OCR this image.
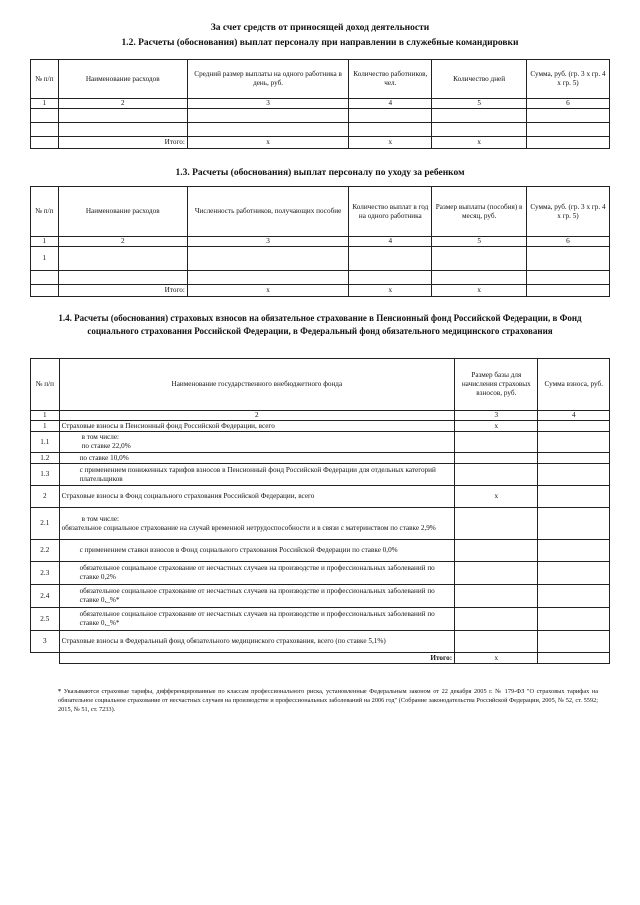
За счет средств от приносящей доход деятельности
1.2. Расчеты (обоснования) выплат персоналу при направлении в служебные командировки
№ п/п	Наименование расходов	Средний размер выплаты на одного работника в день, руб.	Количество работников, чел.	Количество дней	Сумма, руб. (гр. 3 х гр. 4 х гр. 5)
1	2	3	4	5	6

	Итого:	х	х	х	
1.3. Расчеты (обоснования) выплат персоналу по уходу за ребенком
№ п/п	Наименование расходов	Численность работников, получающих пособие	Количество выплат в год на одного работника	Размер выплаты (пособия) в месяц, руб.	Сумма, руб. (гр. 3 х гр. 4 х гр. 5)
1	2	3	4	5	6
1					

	Итого:	х	х	х	
1.4. Расчеты (обоснования) страховых взносов на обязательное страхование в Пенсионный фонд Российской Федерации, в Фонд социального страхования Российской Федерации, в Федеральный фонд обязательного медицинского страхования
№ п/п	Наименование государственного внебюджетного фонда	Размер базы для начисления страховых взносов, руб.	Сумма взноса, руб.
1	2	3	4
1	Страховые взносы в Пенсионный фонд Российской Федерации, всего	х	
1.1	в том числе:
по ставке 22,0%		

1.2	по ставке 10,0%		
1.3	с применением пониженных тарифов взносов в Пенсионный фонд Российской Федерации для отдельных категорий плательщиков		
2	Страховые взносы в Фонд социального страхования Российской Федерации, всего	х	
2.1	в том числе:
обязательное социальное страхование на случай временной нетрудоспособности и в связи с материнством по ставке 2,9%		

2.2	с применением ставки взносов в Фонд социального страхования Российской Федерации по ставке 0,0%		
2.3	обязательное социальное страхование от несчастных случаев на производстве и профессиональных заболеваний по ставке 0,2%		
2.4	обязательное социальное страхование от несчастных случаев на производстве и профессиональных заболеваний по ставке 0,_%*		
2.5	обязательное социальное страхование от несчастных случаев на производстве и профессиональных заболеваний по ставке 0,_%*		
3	Страховые взносы в Федеральный фонд обязательного медицинского страхования, всего (по ставке 5,1%)		
	Итого:	х	
* Указываются страховые тарифы, дифференцированные по классам профессионального риска, установленные Федеральным законом от 22 декабря 2005 г. № 179-ФЗ "О страховых тарифах на обязательное социальное страхование от несчастных случаев на производстве и профессиональных заболеваний на 2006 год" (Собрание законодательства Российской Федерации, 2005, № 52, ст. 5592; 2015, № 51, ст. 7233).
